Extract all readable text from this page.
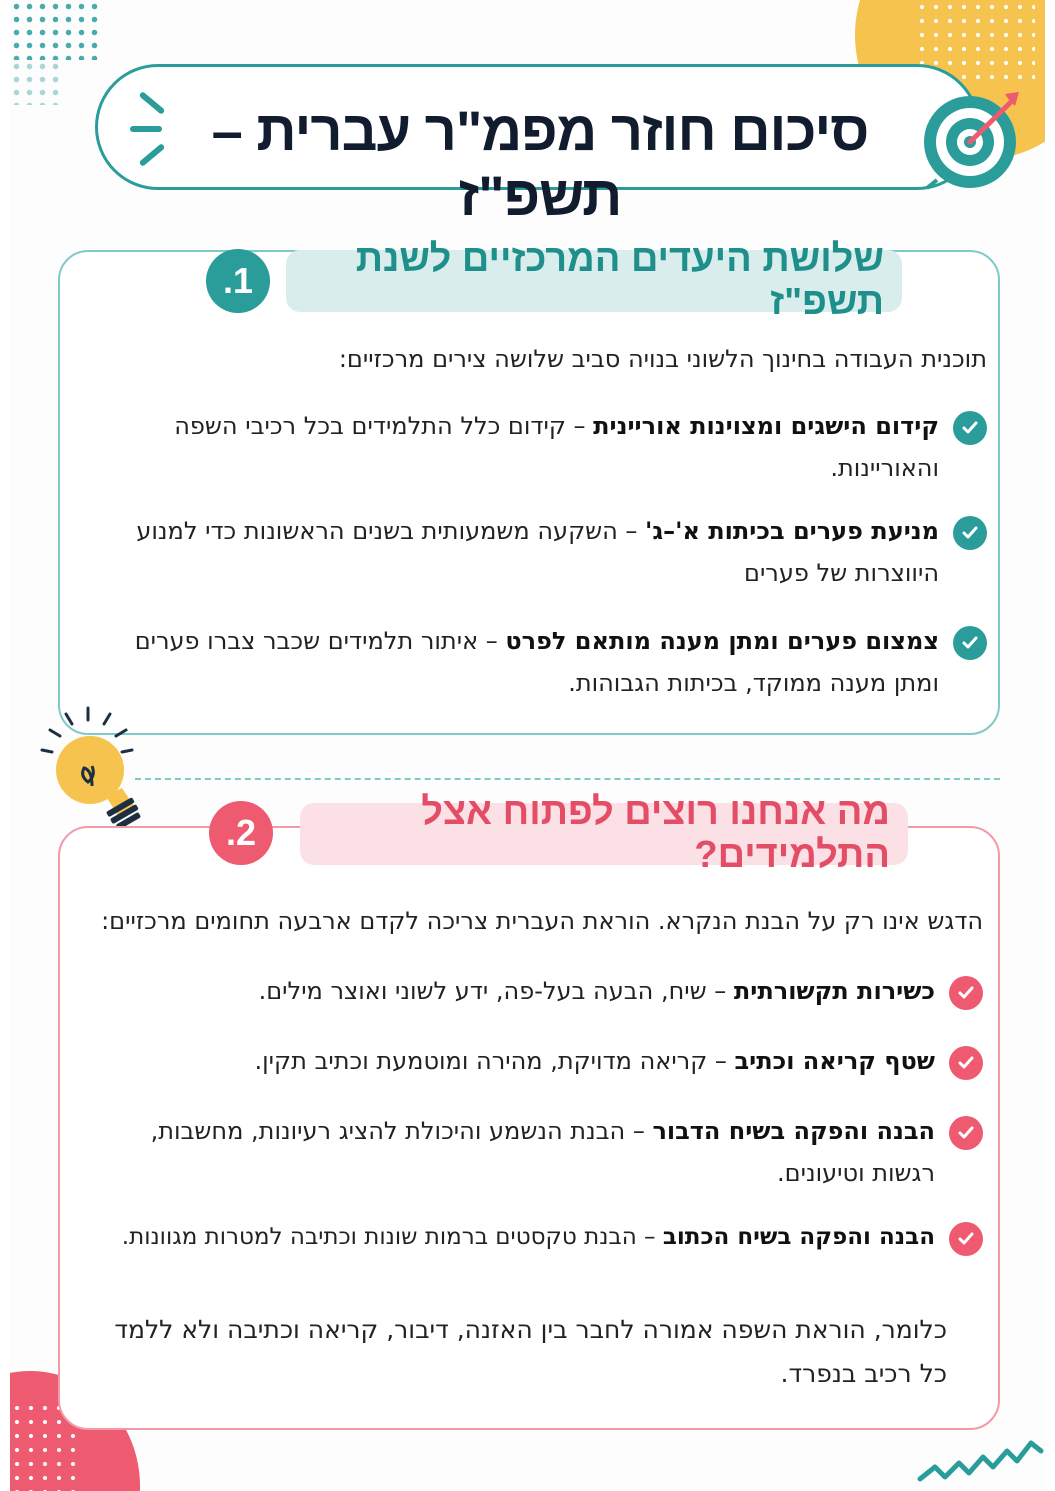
סיכום חוזר מפמ"ר עברית – תשפ"ז
שלושת היעדים המרכזיים לשנת תשפ"ז
.1
תוכנית העבודה בחינוך הלשוני בנויה סביב שלושה צירים מרכזיים:
קידום הישגים ומצוינות אוריינית – קידום כלל התלמידים בכל רכיבי השפה והאוריינות.
מניעת פערים בכיתות א'–ג' – השקעה משמעותית בשנים הראשונות כדי למנוע היווצרות של פערים
צמצום פערים ומתן מענה מותאם לפרט – איתור תלמידים שכבר צברו פערים ומתן מענה ממוקד, בכיתות הגבוהות.
מה אנחנו רוצים לפתוח אצל התלמידים?
.2
הדגש אינו רק על הבנת הנקרא. הוראת העברית צריכה לקדם ארבעה תחומים מרכזיים:
כשירות תקשורתית – שיח, הבעה בעל-פה, ידע לשוני ואוצר מילים.
שטף קריאה וכתיב – קריאה מדויקת, מהירה ומוטמעת וכתיב תקין.
הבנה והפקה בשיח הדבור – הבנת הנשמע והיכולת להציג רעיונות, מחשבות, רגשות וטיעונים.
הבנה והפקה בשיח הכתוב – הבנת טקסטים ברמות שונות וכתיבה למטרות מגוונות.
כלומר, הוראת השפה אמורה לחבר בין האזנה, דיבור, קריאה וכתיבה ולא ללמד כל רכיב בנפרד.
